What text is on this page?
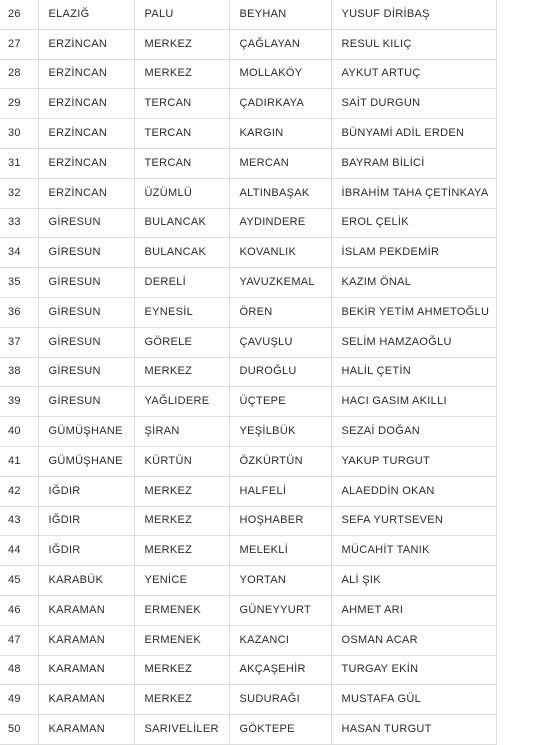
26	ELAZIĞ	PALU	BEYHAN	YUSUF DİRİBAŞ
27	ERZİNCAN	MERKEZ	ÇAĞLAYAN	RESUL KILIÇ
28	ERZİNCAN	MERKEZ	MOLLAKÖY	AYKUT ARTUÇ
29	ERZİNCAN	TERCAN	ÇADIRKAYA	SAİT DURGUN
30	ERZİNCAN	TERCAN	KARGIN	BÜNYAMİ ADİL ERDEN
31	ERZİNCAN	TERCAN	MERCAN	BAYRAM BİLİCİ
32	ERZİNCAN	ÜZÜMLÜ	ALTINBAŞAK	İBRAHİM TAHA ÇETİNKAYA
33	GİRESUN	BULANCAK	AYDINDERE	EROL ÇELİK
34	GİRESUN	BULANCAK	KOVANLIK	İSLAM PEKDEMİR
35	GİRESUN	DERELİ	YAVUZKEMAL	KAZIM ÖNAL
36	GİRESUN	EYNESİL	ÖREN	BEKİR YETİM AHMETOĞLU
37	GİRESUN	GÖRELE	ÇAVUŞLU	SELİM HAMZAOĞLU
38	GİRESUN	MERKEZ	DUROĞLU	HALİL ÇETİN
39	GİRESUN	YAĞLIDERE	ÜÇTEPE	HACI GASIM AKILLI
40	GÜMÜŞHANE	ŞİRAN	YEŞİLBÜK	SEZAİ DOĞAN
41	GÜMÜŞHANE	KÜRTÜN	ÖZKÜRTÜN	YAKUP TURGUT
42	IĞDIR	MERKEZ	HALFELİ	ALAEDDİN OKAN
43	IĞDIR	MERKEZ	HOŞHABER	SEFA YURTSEVEN
44	IĞDIR	MERKEZ	MELEKLİ	MÜCAHİT TANIK
45	KARABÜK	YENİCE	YORTAN	ALİ ŞIK
46	KARAMAN	ERMENEK	GÜNEYYURT	AHMET ARI
47	KARAMAN	ERMENEK	KAZANCI	OSMAN ACAR
48	KARAMAN	MERKEZ	AKÇAŞEHİR	TURGAY EKİN
49	KARAMAN	MERKEZ	SUDURAĞI	MUSTAFA GÜL
50	KARAMAN	SARIVELİLER	GÖKTEPE	HASAN TURGUT
